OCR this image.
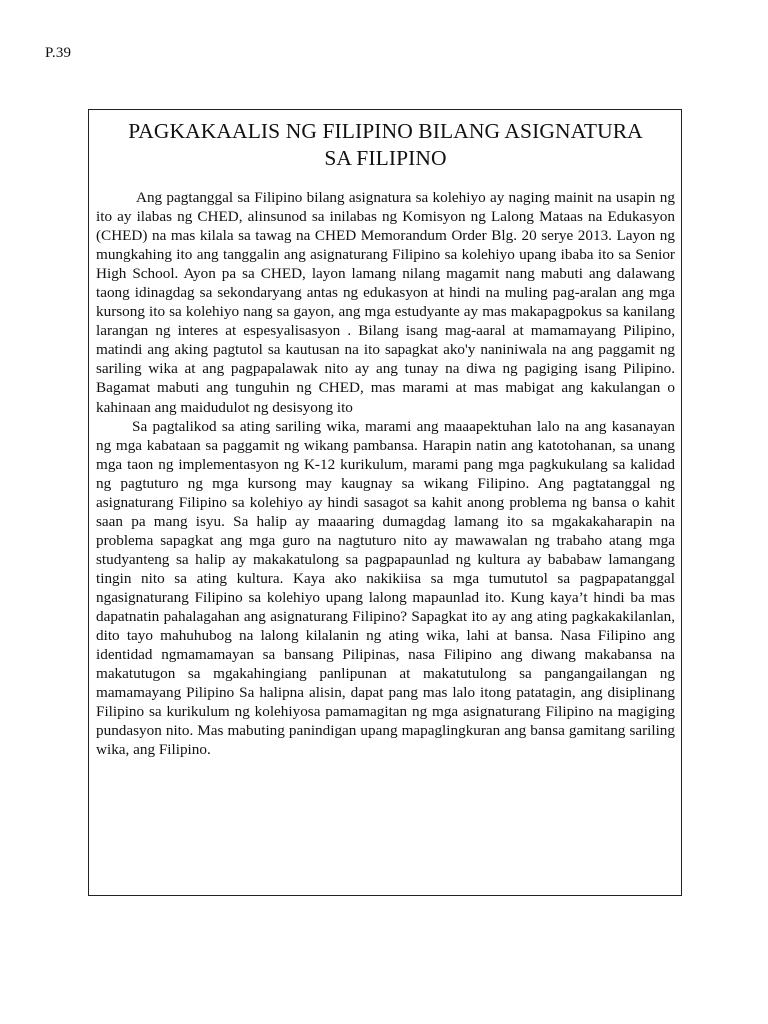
P.39
PAGKAKAALIS NG FILIPINO BILANG ASIGNATURA
SA FILIPINO

Ang pagtanggal sa Filipino bilang asignatura sa kolehiyo ay naging mainit na usapin ng ito ay ilabas ng CHED, alinsunod sa inilabas ng Komisyon ng Lalong Mataas na Edukasyon (CHED) na mas kilala sa tawag na CHED Memorandum Order Blg. 20 serye 2013. Layon ng mungkahing ito ang tanggalin ang asignaturang Filipino sa kolehiyo upang ibaba ito sa Senior High School. Ayon pa sa CHED, layon lamang nilang magamit nang mabuti ang dalawang taong idinagdag sa sekondaryang antas ng edukasyon at hindi na muling pag-aralan ang mga kursong ito sa kolehiyo nang sa gayon, ang mga estudyante ay mas makapagpokus sa kanilang larangan ng interes at espesyalisasyon . Bilang isang mag-aaral at mamamayang Pilipino, matindi ang aking pagtutol sa kautusan na ito sapagkat ako'y naniniwala na ang paggamit ng sariling wika at ang pagpapalawak nito ay ang tunay na diwa ng pagiging isang Pilipino. Bagamat mabuti ang tunguhin ng CHED, mas marami at mas mabigat ang kakulangan o kahinaan ang maidudulot ng desisyong ito

Sa pagtalikod sa ating sariling wika, marami ang maaapektuhan lalo na ang kasanayan ng mga kabataan sa paggamit ng wikang pambansa. Harapin natin ang katotohanan, sa unang mga taon ng implementasyon ng K-12 kurikulum, marami pang mga pagkukulang sa kalidad ng pagtuturo ng mga kursong may kaugnay sa wikang Filipino. Ang pagtatanggal ng asignaturang Filipino sa kolehiyo ay hindi sasagot sa kahit anong problema ng bansa o kahit saan pa mang isyu. Sa halip ay maaaring dumagdag lamang ito sa mgakakaharapin na problema sapagkat ang mga guro na nagtuturo nito ay mawawalan ng trabaho atang mga studyanteng sa halip ay makakatulong sa pagpapaunlad ng kultura ay bababaw lamangang tingin nito sa ating kultura. Kaya ako nakikiisa sa mga tumututol sa pagpapatanggal ngasignaturang Filipino sa kolehiyo upang lalong mapaunlad ito. Kung kaya’t hindi ba mas dapatnatin pahalagahan ang asignaturang Filipino? Sapagkat ito ay ang ating pagkakakilanlan, dito tayo mahuhubog na lalong kilalanin ng ating wika, lahi at bansa. Nasa Filipino ang identidad ngmamamayan sa bansang Pilipinas, nasa Filipino ang diwang makabansa na makatutugon sa mgakahingiang panlipunan at makatutulong sa pangangailangan ng mamamayang Pilipino Sa halipna alisin, dapat pang mas lalo itong patatagin, ang disiplinang Filipino sa kurikulum ng kolehiyosa pamamagitan ng mga asignaturang Filipino na magiging pundasyon nito. Mas mabuting panindigan upang mapaglingkuran ang bansa gamitang sariling wika, ang Filipino.
